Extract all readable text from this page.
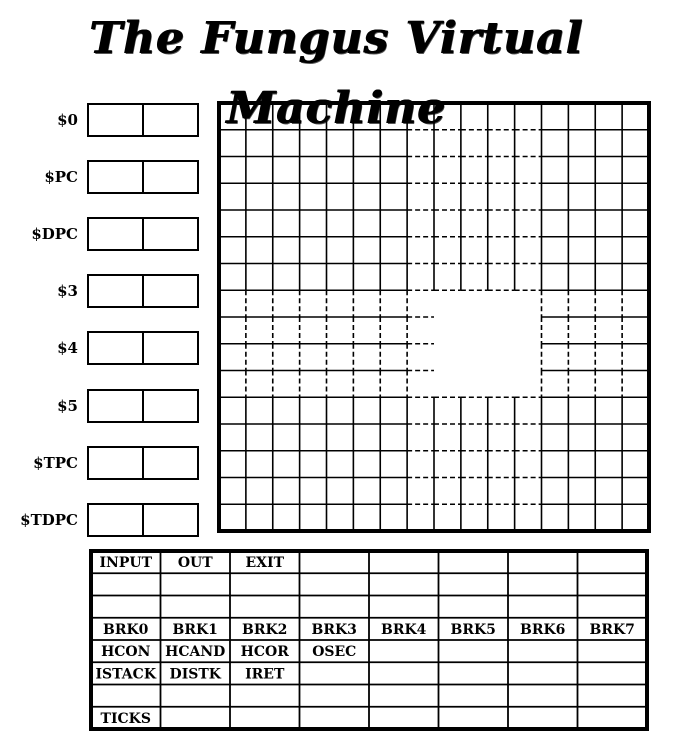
The Fungus Virtual Machine
$0
$PC
$DPC
$3
$4
$5
$TPC
$TDPC
INPUT OUT EXIT
BRK0 BRK1 BRK2 BRK3 BRK4 BRK5 BRK6 BRK7
HCON HCAND HCOR OSEC
ISTACK DISTK IRET
TICKS
